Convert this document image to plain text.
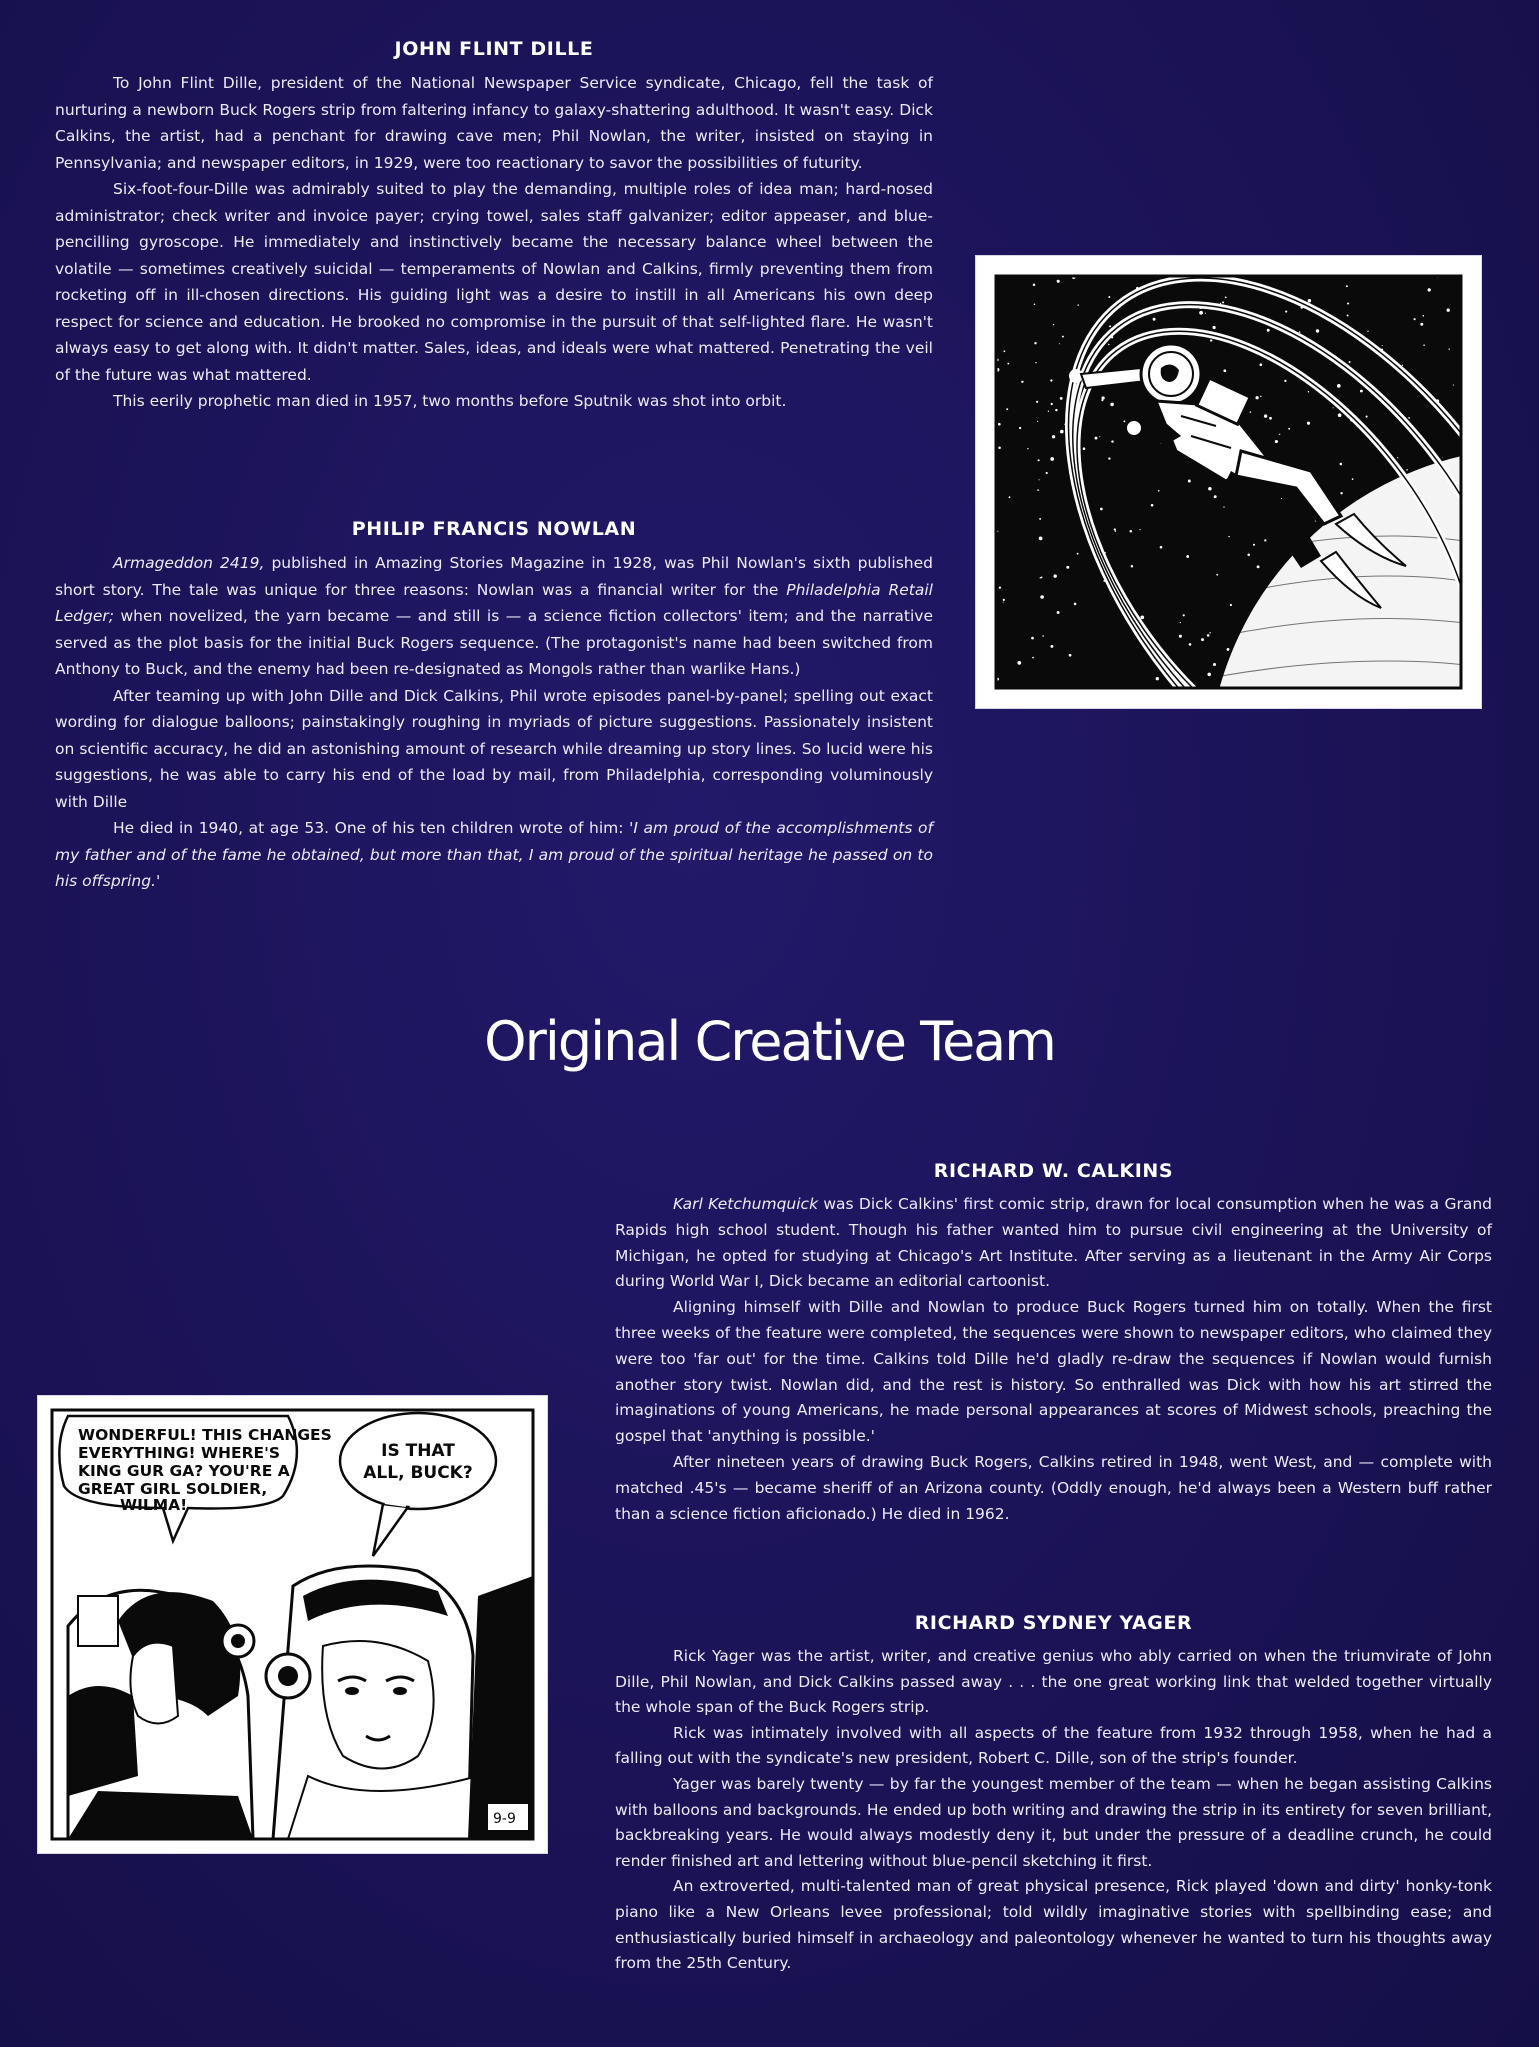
JOHN FLINT DILLE

To John Flint Dille, president of the National Newspaper Service syndicate, Chicago, fell the task of nurturing a newborn Buck Rogers strip from faltering infancy to galaxy-shattering adulthood. It wasn't easy. Dick Calkins, the artist, had a penchant for drawing cave men; Phil Nowlan, the writer, insisted on staying in Pennsylvania; and newspaper editors, in 1929, were too reactionary to savor the possibilities of futurity.

Six-foot-four-Dille was admirably suited to play the demanding, multiple roles of idea man; hard-nosed administrator; check writer and invoice payer; crying towel, sales staff galvanizer; editor appeaser, and blue-pencilling gyroscope. He immediately and instinctively became the necessary balance wheel between the volatile — sometimes creatively suicidal — temperaments of Nowlan and Calkins, firmly preventing them from rocketing off in ill-chosen directions. His guiding light was a desire to instill in all Americans his own deep respect for science and education. He brooked no compromise in the pursuit of that self-lighted flare. He wasn't always easy to get along with. It didn't matter. Sales, ideas, and ideals were what mattered. Penetrating the veil of the future was what mattered.

This eerily prophetic man died in 1957, two months before Sputnik was shot into orbit.

PHILIP FRANCIS NOWLAN

Armageddon 2419, published in Amazing Stories Magazine in 1928, was Phil Nowlan's sixth published short story. The tale was unique for three reasons: Nowlan was a financial writer for the Philadelphia Retail Ledger; when novelized, the yarn became — and still is — a science fiction collectors' item; and the narrative served as the plot basis for the initial Buck Rogers sequence. (The protagonist's name had been switched from Anthony to Buck, and the enemy had been re-designated as Mongols rather than warlike Hans.)

After teaming up with John Dille and Dick Calkins, Phil wrote episodes panel-by-panel; spelling out exact wording for dialogue balloons; painstakingly roughing in myriads of picture suggestions. Passionately insistent on scientific accuracy, he did an astonishing amount of research while dreaming up story lines. So lucid were his suggestions, he was able to carry his end of the load by mail, from Philadelphia, corresponding voluminously with Dille

He died in 1940, at age 53. One of his ten children wrote of him: 'I am proud of the accomplishments of my father and of the fame he obtained, but more than that, I am proud of the spiritual heritage he passed on to his offspring.'

Original Creative Team
RICHARD W. CALKINS

Karl Ketchumquick was Dick Calkins' first comic strip, drawn for local consumption when he was a Grand Rapids high school student. Though his father wanted him to pursue civil engineering at the University of Michigan, he opted for studying at Chicago's Art Institute. After serving as a lieutenant in the Army Air Corps during World War I, Dick became an editorial cartoonist.

Aligning himself with Dille and Nowlan to produce Buck Rogers turned him on totally. When the first three weeks of the feature were completed, the sequences were shown to newspaper editors, who claimed they were too 'far out' for the time. Calkins told Dille he'd gladly re-draw the sequences if Nowlan would furnish another story twist. Nowlan did, and the rest is history. So enthralled was Dick with how his art stirred the imaginations of young Americans, he made personal appearances at scores of Midwest schools, preaching the gospel that 'anything is possible.'

After nineteen years of drawing Buck Rogers, Calkins retired in 1948, went West, and — complete with matched .45's — became sheriff of an Arizona county. (Oddly enough, he'd always been a Western buff rather than a science fiction aficionado.) He died in 1962.

WONDERFUL! THIS CHANGES
EVERYTHING! WHERE'S
KING GUR GA? YOU'RE A
GREAT GIRL SOLDIER,
WILMA!
IS THAT
ALL, BUCK?
9-9
RICHARD SYDNEY YAGER

Rick Yager was the artist, writer, and creative genius who ably carried on when the triumvirate of John Dille, Phil Nowlan, and Dick Calkins passed away . . . the one great working link that welded together virtually the whole span of the Buck Rogers strip.

Rick was intimately involved with all aspects of the feature from 1932 through 1958, when he had a falling out with the syndicate's new president, Robert C. Dille, son of the strip's founder.

Yager was barely twenty — by far the youngest member of the team — when he began assisting Calkins with balloons and backgrounds. He ended up both writing and drawing the strip in its entirety for seven brilliant, backbreaking years. He would always modestly deny it, but under the pressure of a deadline crunch, he could render finished art and lettering without blue-pencil sketching it first.

An extroverted, multi-talented man of great physical presence, Rick played 'down and dirty' honky-tonk piano like a New Orleans levee professional; told wildly imaginative stories with spellbinding ease; and enthusiastically buried himself in archaeology and paleontology whenever he wanted to turn his thoughts away from the 25th Century.
